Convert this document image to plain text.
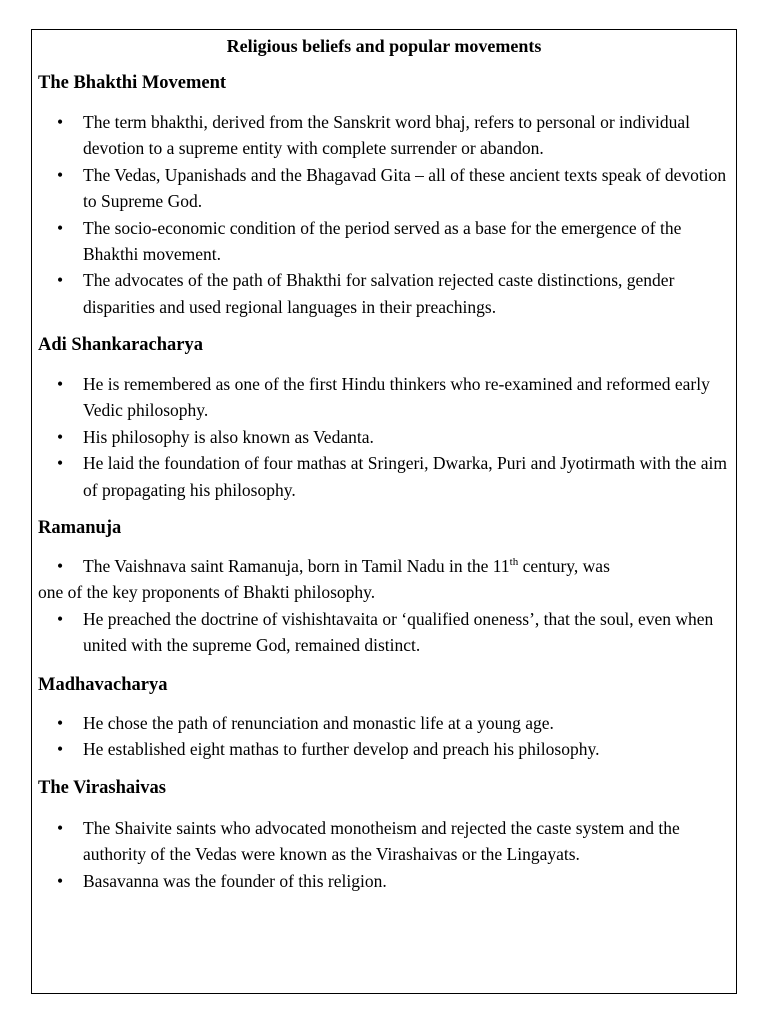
Religious beliefs and popular movements
The Bhakthi Movement
• The term bhakthi, derived from the Sanskrit word bhaj, refers to personal or individual devotion to a supreme entity with complete surrender or abandon.
• The Vedas, Upanishads and the Bhagavad Gita – all of these ancient texts speak of devotion to Supreme God.
• The socio-economic condition of the period served as a base for the emergence of the Bhakthi movement.
• The advocates of the path of Bhakthi for salvation rejected caste distinctions, gender disparities and used regional languages in their preachings.
Adi Shankaracharya
• He is remembered as one of the first Hindu thinkers who re-examined and reformed early Vedic philosophy.
• His philosophy is also known as Vedanta.
• He laid the foundation of four mathas at Sringeri, Dwarka, Puri and Jyotirmath with the aim of propagating his philosophy.
Ramanuja
• The Vaishnava saint Ramanuja, born in Tamil Nadu in the 11th century, was
one of the key proponents of Bhakti philosophy.
• He preached the doctrine of vishishtavaita or ‘qualified oneness’, that the soul, even when united with the supreme God, remained distinct.
Madhavacharya
• He chose the path of renunciation and monastic life at a young age.
• He established eight mathas to further develop and preach his philosophy.
The Virashaivas
• The Shaivite saints who advocated monotheism and rejected the caste system and the authority of the Vedas were known as the Virashaivas or the Lingayats.
• Basavanna was the founder of this religion.
